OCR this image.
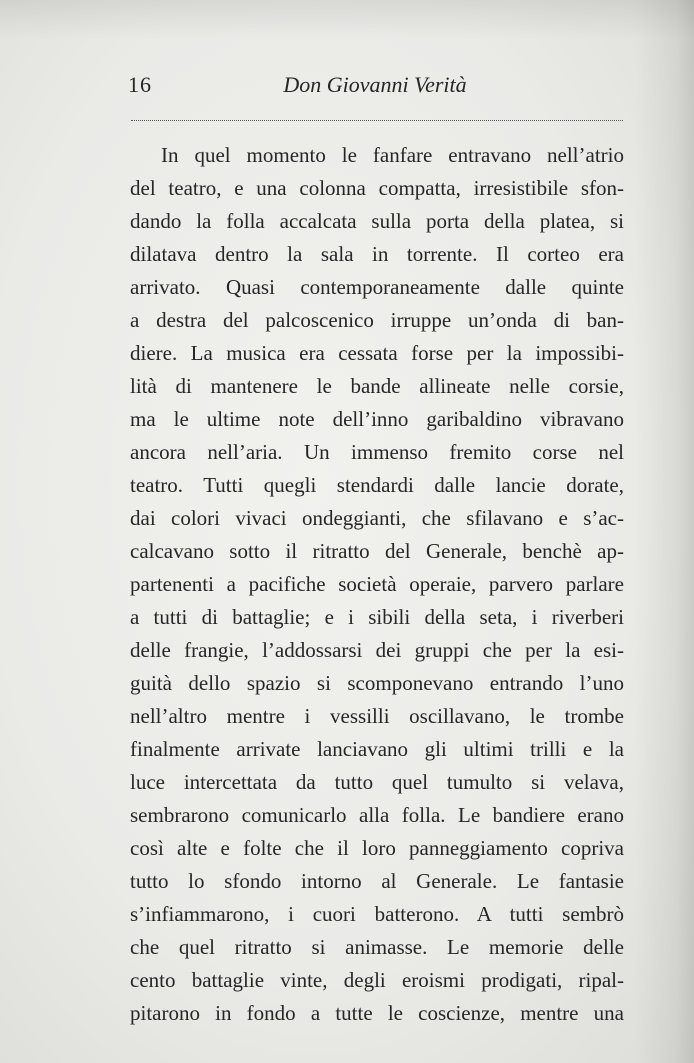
16	Don Giovanni Verità
In quel momento le fanfare entravano nell’atrio
del teatro, e una colonna compatta, irresistibile sfon-
dando la folla accalcata sulla porta della platea, si
dilatava dentro la sala in torrente. Il corteo era
arrivato. Quasi contemporaneamente dalle quinte
a destra del palcoscenico irruppe un’onda di ban-
diere. La musica era cessata forse per la impossibi-
lità di mantenere le bande allineate nelle corsie,
ma le ultime note dell’inno garibaldino vibravano
ancora nell’aria. Un immenso fremito corse nel
teatro. Tutti quegli stendardi dalle lancie dorate,
dai colori vivaci ondeggianti, che sfilavano e s’ac-
calcavano sotto il ritratto del Generale, benchè ap-
partenenti a pacifiche società operaie, parvero parlare
a tutti di battaglie; e i sibili della seta, i riverberi
delle frangie, l’addossarsi dei gruppi che per la esi-
guità dello spazio si scomponevano entrando l’uno
nell’altro mentre i vessilli oscillavano, le trombe
finalmente arrivate lanciavano gli ultimi trilli e la
luce intercettata da tutto quel tumulto si velava,
sembrarono comunicarlo alla folla. Le bandiere erano
così alte e folte che il loro panneggiamento copriva
tutto lo sfondo intorno al Generale. Le fantasie
s’infiammarono, i cuori batterono. A tutti sembrò
che quel ritratto si animasse. Le memorie delle
cento battaglie vinte, degli eroismi prodigati, ripal-
pitarono in fondo a tutte le coscienze, mentre una
